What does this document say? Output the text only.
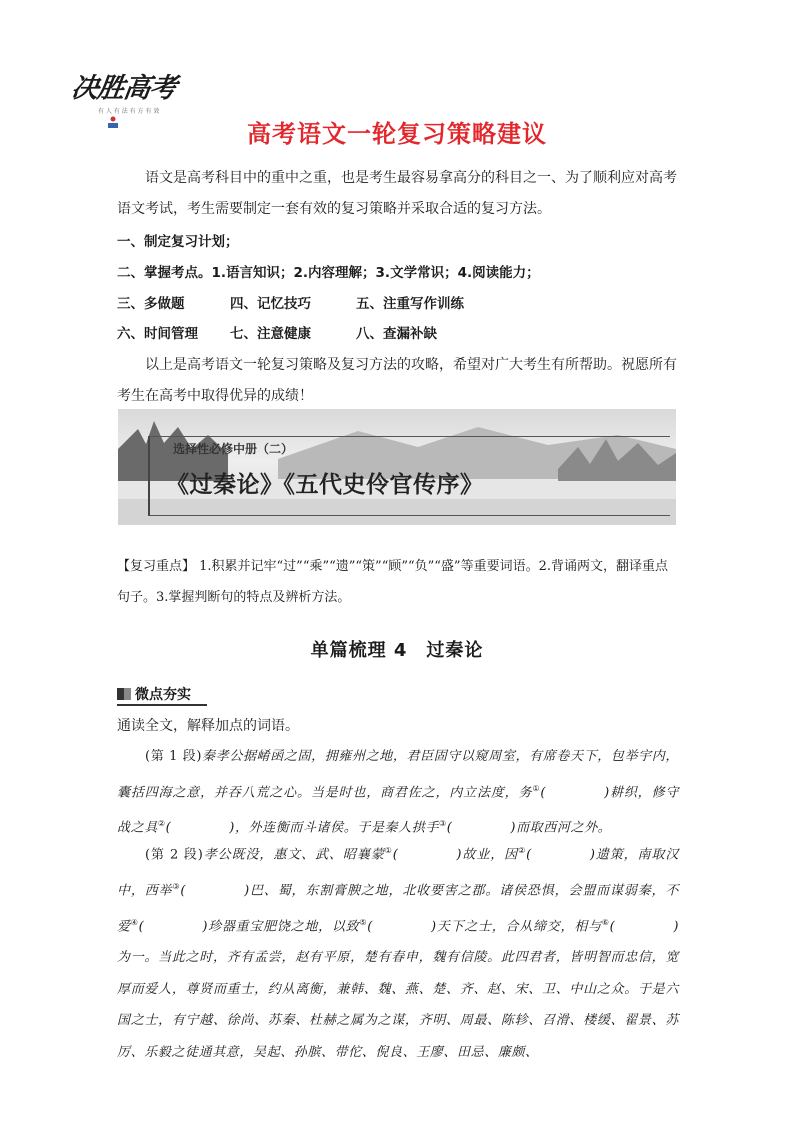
决胜高考
有 人 有 法 有 方 有 效
高考语文一轮复习策略建议
语文是高考科目中的重中之重，也是考生最容易拿高分的科目之一、为了顺利应对高考语文考试，考生需要制定一套有效的复习策略并采取合适的复习方法。
一、制定复习计划；
二、掌握考点。1.语言知识；2.内容理解；3.文学常识；4.阅读能力；
三、多做题	四、记忆技巧	五、注重写作训练
六、时间管理 七、注意健康	八、查漏补缺
以上是高考语文一轮复习策略及复习方法的攻略，希望对广大考生有所帮助。祝愿所有考生在高考中取得优异的成绩！
选择性必修中册（二）
《过秦论》《五代史伶官传序》
【复习重点】 1.积累并记牢“过”“乘”“遗”“策”“顾”“负”“盛”等重要词语。2.背诵两文，翻译重点句子。3.掌握判断句的特点及辨析方法。
单篇梳理 4　过秦论
微点夯实
通读全文，解释加点的词语。
(第 1 段)秦孝公据崤函之固，拥雍州之地，君臣固守以窥周室，有席卷天下，包举宇内，囊括四海之意，并吞八荒之心。当是时也，商君佐之，内立法度，务①(	)耕织，修守战之具②(	)，外连衡而斗诸侯。于是秦人拱手③(	)而取西河之外。
(第 2 段)孝公既没，惠文、武、昭襄蒙①(	)故业，因②(	)遗策，南取汉中，西举③(	)巴、蜀，东割膏腴之地，北收要害之郡。诸侯恐惧，会盟而谋弱秦，不爱④(	)珍器重宝肥饶之地，以致⑤(	)天下之士，合从缔交，相与⑥(	)为一。当此之时，齐有孟尝，赵有平原，楚有春申，魏有信陵。此四君者，皆明智而忠信，宽厚而爱人，尊贤而重士，约从离衡，兼韩、魏、燕、楚、齐、赵、宋、卫、中山之众。于是六国之士，有宁越、徐尚、苏秦、杜赫之属为之谋，齐明、周最、陈轸、召滑、楼缓、翟景、苏厉、乐毅之徒通其意，吴起、孙膑、带佗、倪良、王廖、田忌、廉颇、
